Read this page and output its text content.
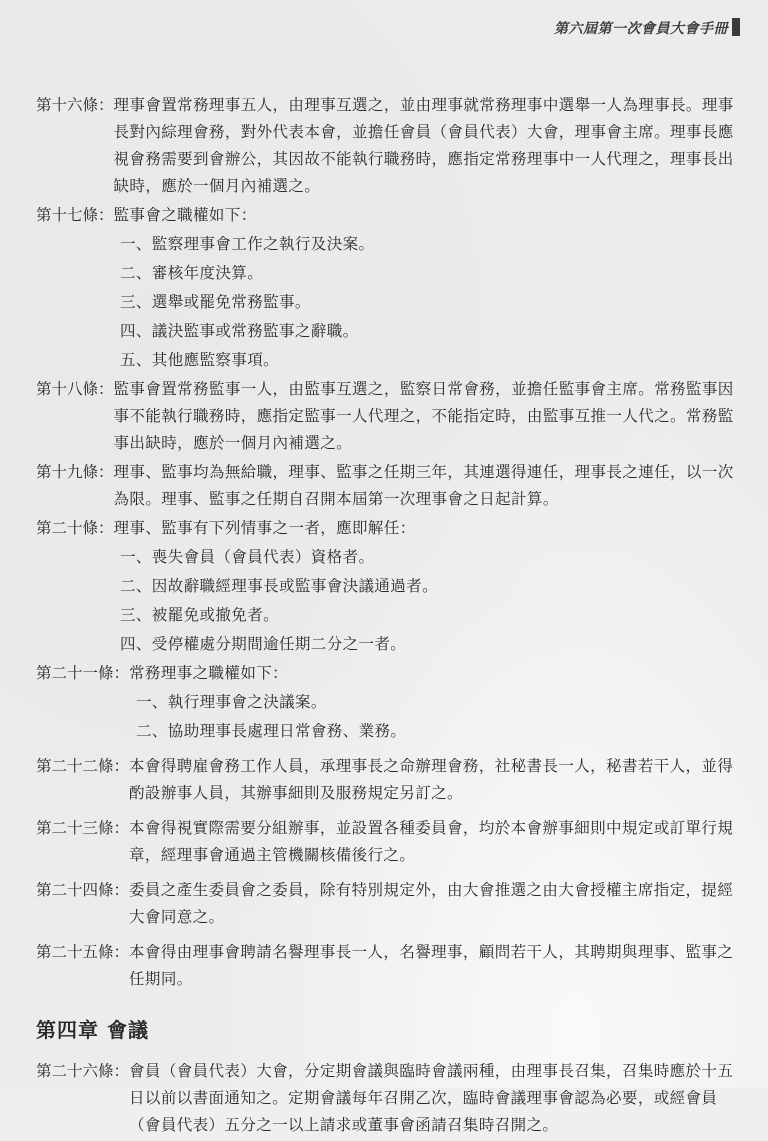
第六屆第一次會員大會手冊
第十六條 ： 理事會置常務理事五人，由理事互選之，並由理事就常務理事中選舉一人為理事長。理事長對內綜理會務，對外代表本會，並擔任會員（會員代表）大會，理事會主席。理事長應視會務需要到會辦公，其因故不能執行職務時，應指定常務理事中一人代理之，理事長出缺時，應於一個月內補選之。

第十七條 ： 監事會之職權如下：

一、監察理事會工作之執行及決案。
二、審核年度決算。
三、選舉或罷免常務監事。
四、議決監事或常務監事之辭職。
五、其他應監察事項。
第十八條 ： 監事會置常務監事一人，由監事互選之，監察日常會務，並擔任監事會主席。常務監事因事不能執行職務時，應指定監事一人代理之，不能指定時，由監事互推一人代之。常務監事出缺時，應於一個月內補選之。

第十九條 ： 理事、監事均為無給職，理事、監事之任期三年，其連選得連任，理事長之連任，以一次為限。理事、監事之任期自召開本屆第一次理事會之日起計算。

第二十條 ： 理事、監事有下列情事之一者，應即解任：

一、喪失會員（會員代表）資格者。
二、因故辭職經理事長或監事會決議通過者。
三、被罷免或撤免者。
四、受停權處分期間逾任期二分之一者。
第二十一條 ： 常務理事之職權如下：

一、執行理事會之決議案。
二、協助理事長處理日常會務、業務。
第二十二條 ： 本會得聘雇會務工作人員，承理事長之命辦理會務，社秘書長一人，秘書若干人，並得酌設辦事人員，其辦事細則及服務規定另訂之。

第二十三條 ： 本會得視實際需要分組辦事，並設置各種委員會，均於本會辦事細則中規定或訂單行規章，經理事會通過主管機關核備後行之。

第二十四條 ： 委員之產生委員會之委員，除有特別規定外，由大會推選之由大會授權主席指定，提經大會同意之。

第二十五條 ： 本會得由理事會聘請名譽理事長一人，名譽理事，顧問若干人，其聘期與理事、監事之任期同。

第四章 會議
第二十六條 ： 會員（會員代表）大會，分定期會議與臨時會議兩種，由理事長召集，召集時應於十五日以前以書面通知之。定期會議每年召開乙次，臨時會議理事會認為必要，或經會員（會員代表）五分之一以上請求或董事會函請召集時召開之。
